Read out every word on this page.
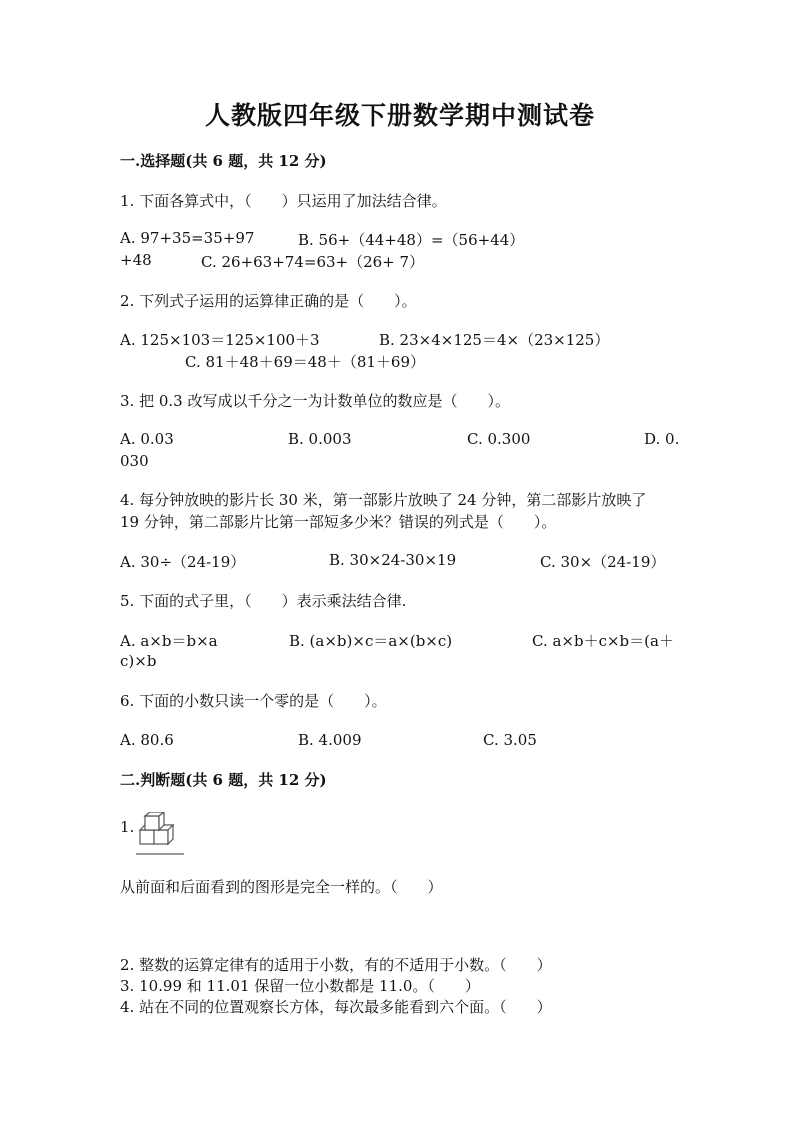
人教版四年级下册数学期中测试卷
一.选择题(共 6 题，共 12 分)
1. 下面各算式中，（　　）只运用了加法结合律。
A. 97+35=35+97	B. 56+（44+48）=（56+44）
+48	C. 26+63+74=63+（26+ 7）
2. 下列式子运用的运算律正确的是（　　）。
A. 125×103＝125×100＋3	B. 23×4×125＝4×（23×125）
C. 81＋48＋69＝48＋（81＋69）
3. 把 0.3 改写成以千分之一为计数单位的数应是（　　）。
A. 0.03	B. 0.003	C. 0.300	D. 0.
030
4. 每分钟放映的影片长 30 米，第一部影片放映了 24 分钟，第二部影片放映了
19 分钟，第二部影片比第一部短多少米？错误的列式是（　　）。
A. 30÷（24-19）	B. 30×24-30×19	C. 30×（24-19）
5. 下面的式子里，（　　）表示乘法结合律.
A. a×b＝b×a	B. (a×b)×c＝a×(b×c)	C. a×b＋c×b＝(a＋
c)×b
6. 下面的小数只读一个零的是（　　）。
A. 80.6	B. 4.009	C. 3.05
二.判断题(共 6 题，共 12 分)
1.
从前面和后面看到的图形是完全一样的。（　　）
2. 整数的运算定律有的适用于小数，有的不适用于小数。（　　）
3. 10.99 和 11.01 保留一位小数都是 11.0。（　　）
4. 站在不同的位置观察长方体，每次最多能看到六个面。（　　）
